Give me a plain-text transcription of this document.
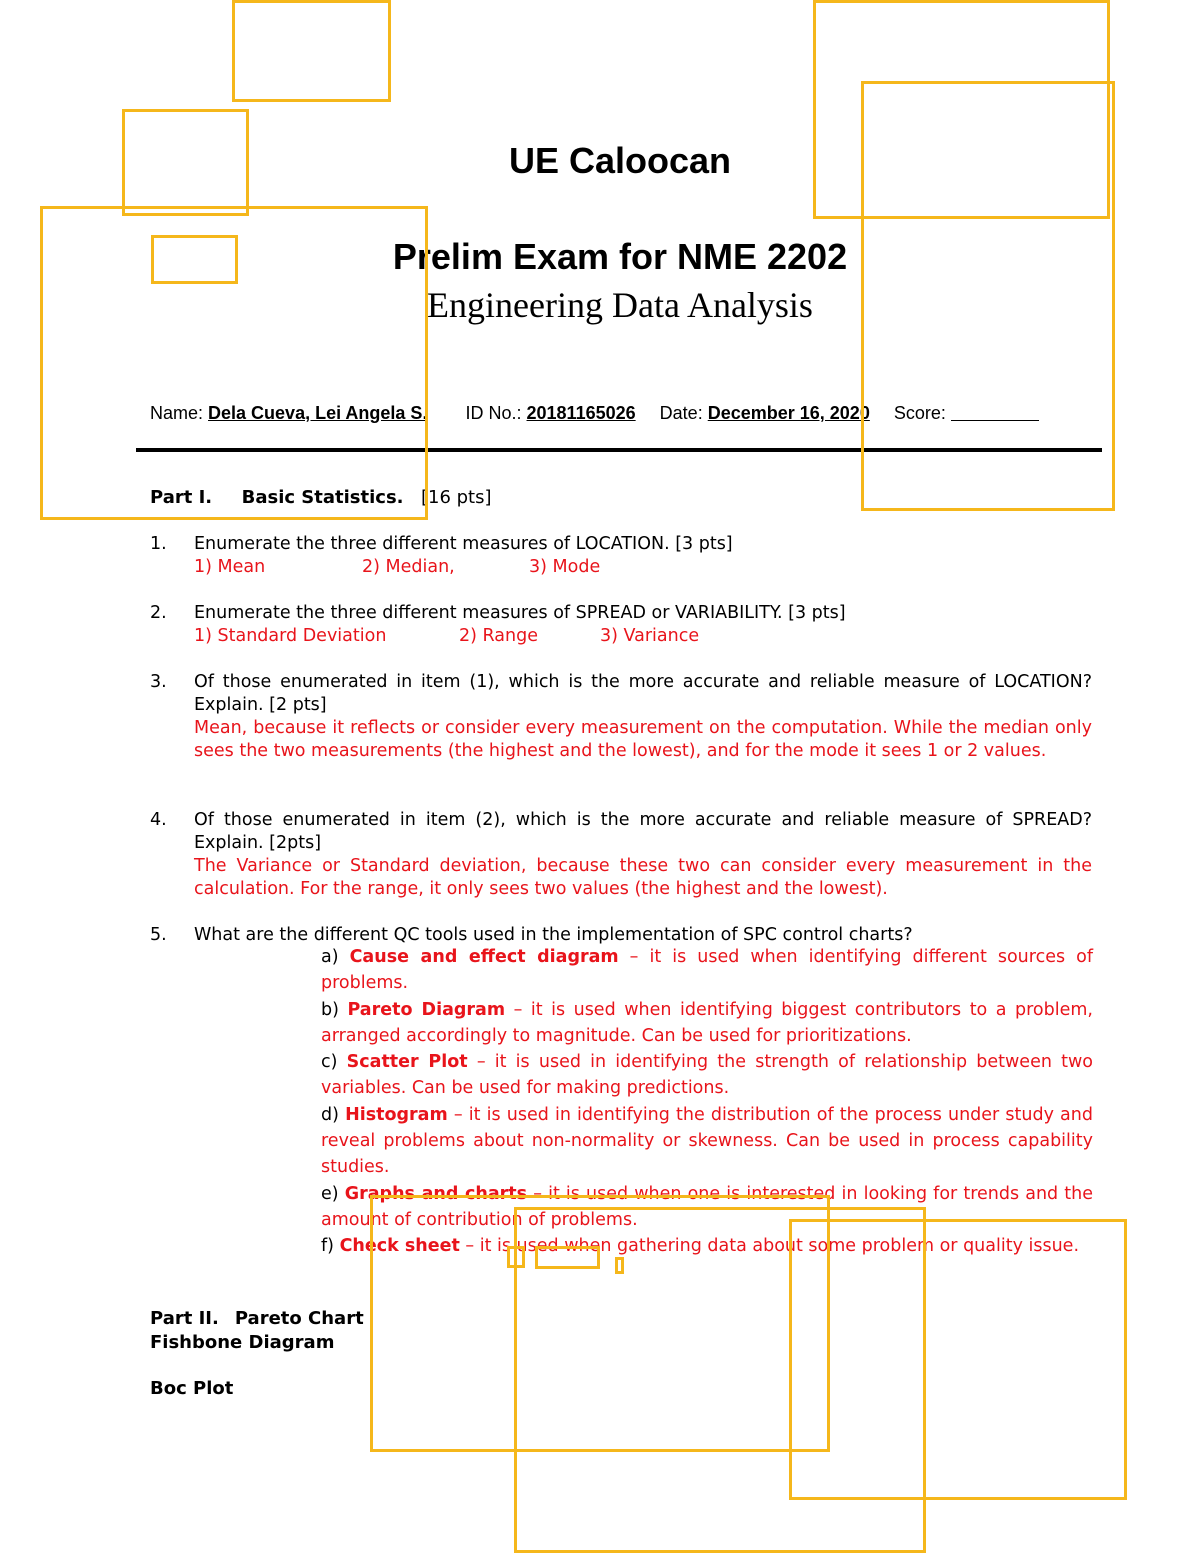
UE Caloocan
Prelim Exam for NME 2202
Engineering Data Analysis
Name: Dela Cueva, Lei Angela S. ID No.: 20181165026 Date: December 16, 2020 Score:
Part I. Basic Statistics. [16 pts]
1. Enumerate the three different measures of LOCATION. [3 pts]
1) Mean	2) Median,	3) Mode
2. Enumerate the three different measures of SPREAD or VARIABILITY. [3 pts]
1) Standard Deviation	2) Range	3) Variance
3. Of those enumerated in item (1), which is the more accurate and reliable measure of LOCATION? Explain. [2 pts]
Mean, because it reflects or consider every measurement on the computation. While the median only sees the two measurements (the highest and the lowest), and for the mode it sees 1 or 2 values.
4. Of those enumerated in item (2), which is the more accurate and reliable measure of SPREAD? Explain. [2pts]
The Variance or Standard deviation, because these two can consider every measurement in the calculation. For the range, it only sees two values (the highest and the lowest).
5. What are the different QC tools used in the implementation of SPC control charts?
a) Cause and effect diagram – it is used when identifying different sources of problems.
b) Pareto Diagram – it is used when identifying biggest contributors to a problem, arranged accordingly to magnitude. Can be used for prioritizations.
c) Scatter Plot – it is used in identifying the strength of relationship between two variables. Can be used for making predictions.
d) Histogram – it is used in identifying the distribution of the process under study and reveal problems about non-normality or skewness. Can be used in process capability studies.
e) Graphs and charts – it is used when one is interested in looking for trends and the amount of contribution of problems.
f) Check sheet – it is used when gathering data about some problem or quality issue.
Part II. Pareto Chart
Fishbone Diagram
Boc Plot
